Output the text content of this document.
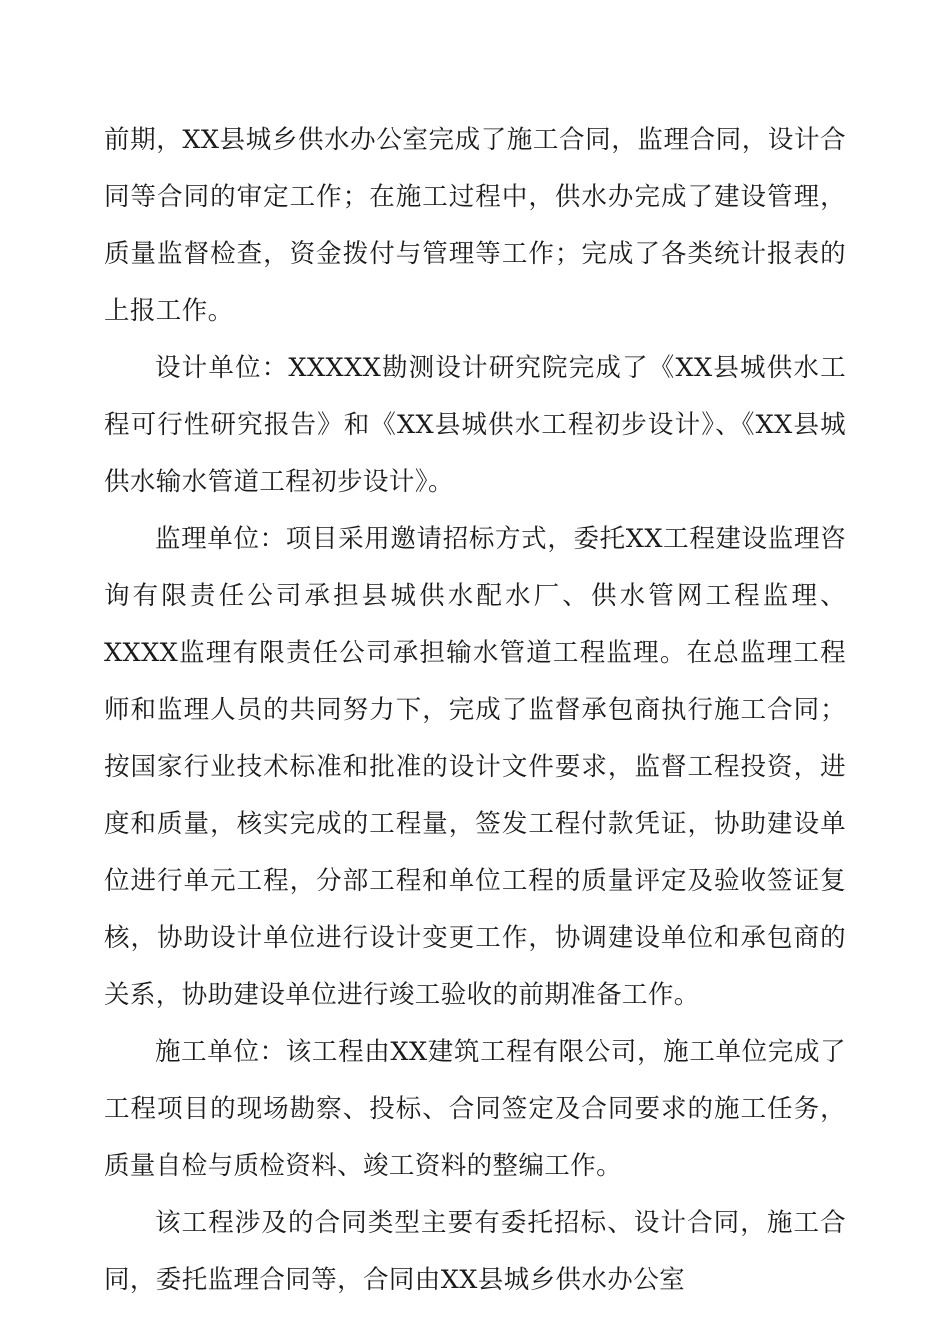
前期，XX县城乡供水办公室完成了施工合同，监理合同，设计合同等合同的审定工作；在施工过程中，供水办完成了建设管理，质量监督检查，资金拨付与管理等工作；完成了各类统计报表的上报工作。

设计单位：XXXXX勘测设计研究院完成了《XX县城供水工程可行性研究报告》和《XX县城供水工程初步设计》、《XX县城供水输水管道工程初步设计》。

监理单位：项目采用邀请招标方式，委托XX工程建设监理咨询有限责任公司承担县城供水配水厂、供水管网工程监理、XXXX监理有限责任公司承担输水管道工程监理。在总监理工程师和监理人员的共同努力下，完成了监督承包商执行施工合同；按国家行业技术标准和批准的设计文件要求，监督工程投资，进度和质量，核实完成的工程量，签发工程付款凭证，协助建设单位进行单元工程，分部工程和单位工程的质量评定及验收签证复核，协助设计单位进行设计变更工作，协调建设单位和承包商的关系，协助建设单位进行竣工验收的前期准备工作。

施工单位：该工程由XX建筑工程有限公司，施工单位完成了工程项目的现场勘察、投标、合同签定及合同要求的施工任务，质量自检与质检资料、竣工资料的整编工作。

该工程涉及的合同类型主要有委托招标、设计合同，施工合同，委托监理合同等，合同由XX县城乡供水办公室
